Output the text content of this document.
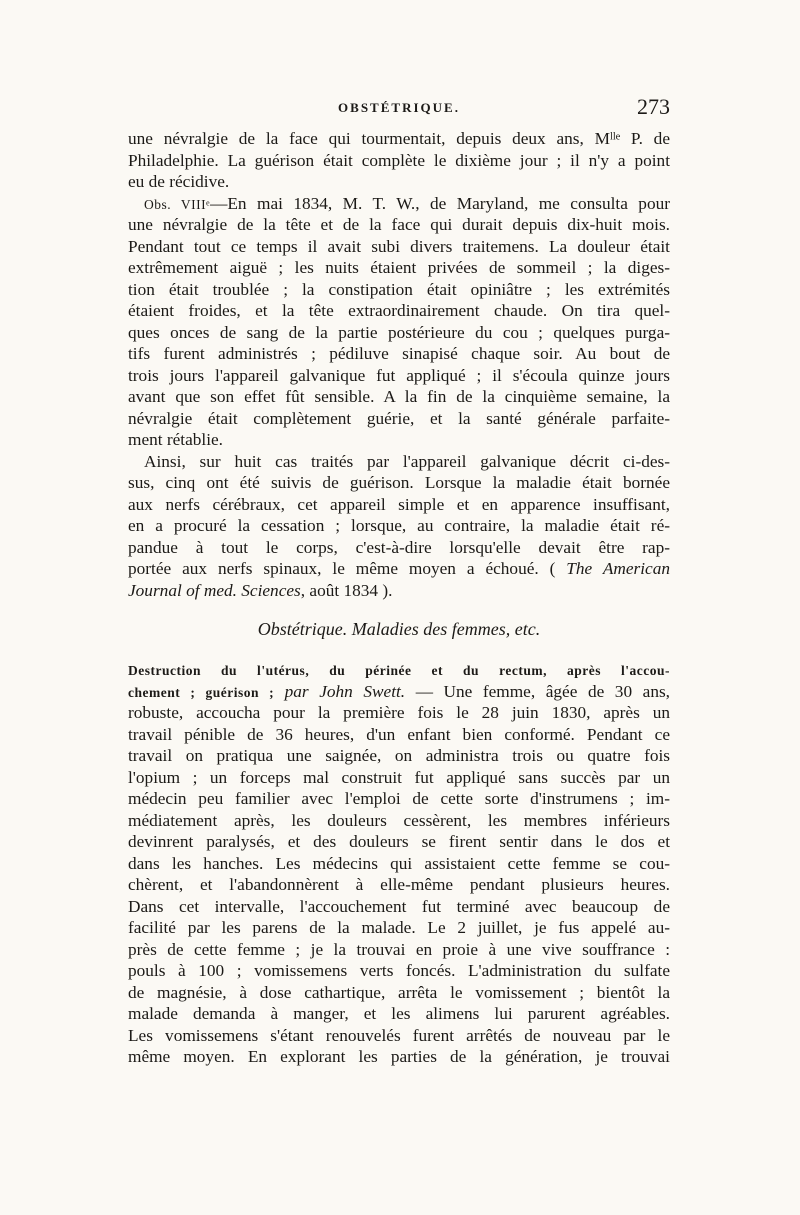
OBSTÉTRIQUE.	273
une névralgie de la face qui tourmentait, depuis deux ans, Mˡˡᵉ P. de
Philadelphie. La guérison était complète le dixième jour ; il n'y a point
eu de récidive.
Obs. VIIIᵉ—En mai 1834, M. T. W., de Maryland, me consulta pour
une névralgie de la tête et de la face qui durait depuis dix-huit mois.
Pendant tout ce temps il avait subi divers traitemens. La douleur était
extrêmement aiguë ; les nuits étaient privées de sommeil ; la diges-
tion était troublée ; la constipation était opiniâtre ; les extrémités
étaient froides, et la tête extraordinairement chaude. On tira quel-
ques onces de sang de la partie postérieure du cou ; quelques purga-
tifs furent administrés ; pédiluve sinapisé chaque soir. Au bout de
trois jours l'appareil galvanique fut appliqué ; il s'écoula quinze jours
avant que son effet fût sensible. A la fin de la cinquième semaine, la
névralgie était complètement guérie, et la santé générale parfaite-
ment rétablie.
Ainsi, sur huit cas traités par l'appareil galvanique décrit ci-des-
sus, cinq ont été suivis de guérison. Lorsque la maladie était bornée
aux nerfs cérébraux, cet appareil simple et en apparence insuffisant,
en a procuré la cessation ; lorsque, au contraire, la maladie était ré-
pandue à tout le corps, c'est-à-dire lorsqu'elle devait être rap-
portée aux nerfs spinaux, le même moyen a échoué. ( The American
Journal of med. Sciences, août 1834 ).
Obstétrique. Maladies des femmes, etc.
Destruction du l'utérus, du périnée et du rectum, après l'accou-
chement ; guérison ; par John Swett. — Une femme, âgée de 30 ans,
robuste, accoucha pour la première fois le 28 juin 1830, après un
travail pénible de 36 heures, d'un enfant bien conformé. Pendant ce
travail on pratiqua une saignée, on administra trois ou quatre fois
l'opium ; un forceps mal construit fut appliqué sans succès par un
médecin peu familier avec l'emploi de cette sorte d'instrumens ; im-
médiatement après, les douleurs cessèrent, les membres inférieurs
devinrent paralysés, et des douleurs se firent sentir dans le dos et
dans les hanches. Les médecins qui assistaient cette femme se cou-
chèrent, et l'abandonnèrent à elle-même pendant plusieurs heures.
Dans cet intervalle, l'accouchement fut terminé avec beaucoup de
facilité par les parens de la malade. Le 2 juillet, je fus appelé au-
près de cette femme ; je la trouvai en proie à une vive souffrance :
pouls à 100 ; vomissemens verts foncés. L'administration du sulfate
de magnésie, à dose cathartique, arrêta le vomissement ; bientôt la
malade demanda à manger, et les alimens lui parurent agréables.
Les vomissemens s'étant renouvelés furent arrêtés de nouveau par le
même moyen. En explorant les parties de la génération, je trouvai
